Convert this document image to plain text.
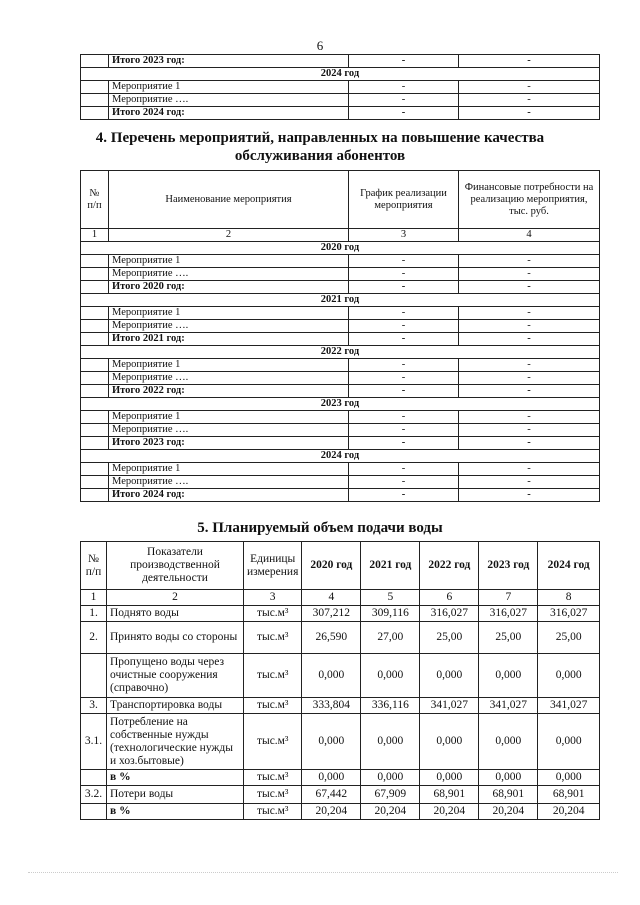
6
	Итого 2023 год:	-	-
2024 год			
	Мероприятие 1	-	-
	Мероприятие ….	-	-
	Итого 2024 год:	-	-
4. Перечень мероприятий, направленных на повышение качества
обслуживания абонентов
№ п/п	Наименование мероприятия	График реализации мероприятия	Финансовые потребности на реализацию мероприятия, тыс. руб.
1	2	3	4
2020 год			
	Мероприятие 1	-	-
	Мероприятие ….	-	-
	Итого 2020 год:	-	-
2021 год			
	Мероприятие 1	-	-
	Мероприятие ….	-	-
	Итого 2021 год:	-	-
2022 год			
	Мероприятие 1	-	-
	Мероприятие ….	-	-
	Итого 2022 год:	-	-
2023 год			
	Мероприятие 1	-	-
	Мероприятие ….	-	-
	Итого 2023 год:	-	-
2024 год			
	Мероприятие 1	-	-
	Мероприятие ….	-	-
	Итого 2024 год:	-	-
5. Планируемый объем подачи воды
№ п/п	Показатели производственной деятельности	Единицы измерения	2020 год	2021 год	2022 год	2023 год	2024 год
1	2	3	4	5	6	7	8
1.	Поднято воды	тыс.м³	307,212	309,116	316,027	316,027	316,027
2.	Принято воды со стороны	тыс.м³	26,590	27,00	25,00	25,00	25,00
	Пропущено воды через очистные сооружения (справочно)	тыс.м³	0,000	0,000	0,000	0,000	0,000
3.	Транспортировка воды	тыс.м³	333,804	336,116	341,027	341,027	341,027
3.1.	Потребление на собственные нужды (технологические нужды и хоз.бытовые)	тыс.м³	0,000	0,000	0,000	0,000	0,000
	в %	тыс.м³	0,000	0,000	0,000	0,000	0,000
3.2.	Потери воды	тыс.м³	67,442	67,909	68,901	68,901	68,901
	в %	тыс.м³	20,204	20,204	20,204	20,204	20,204
